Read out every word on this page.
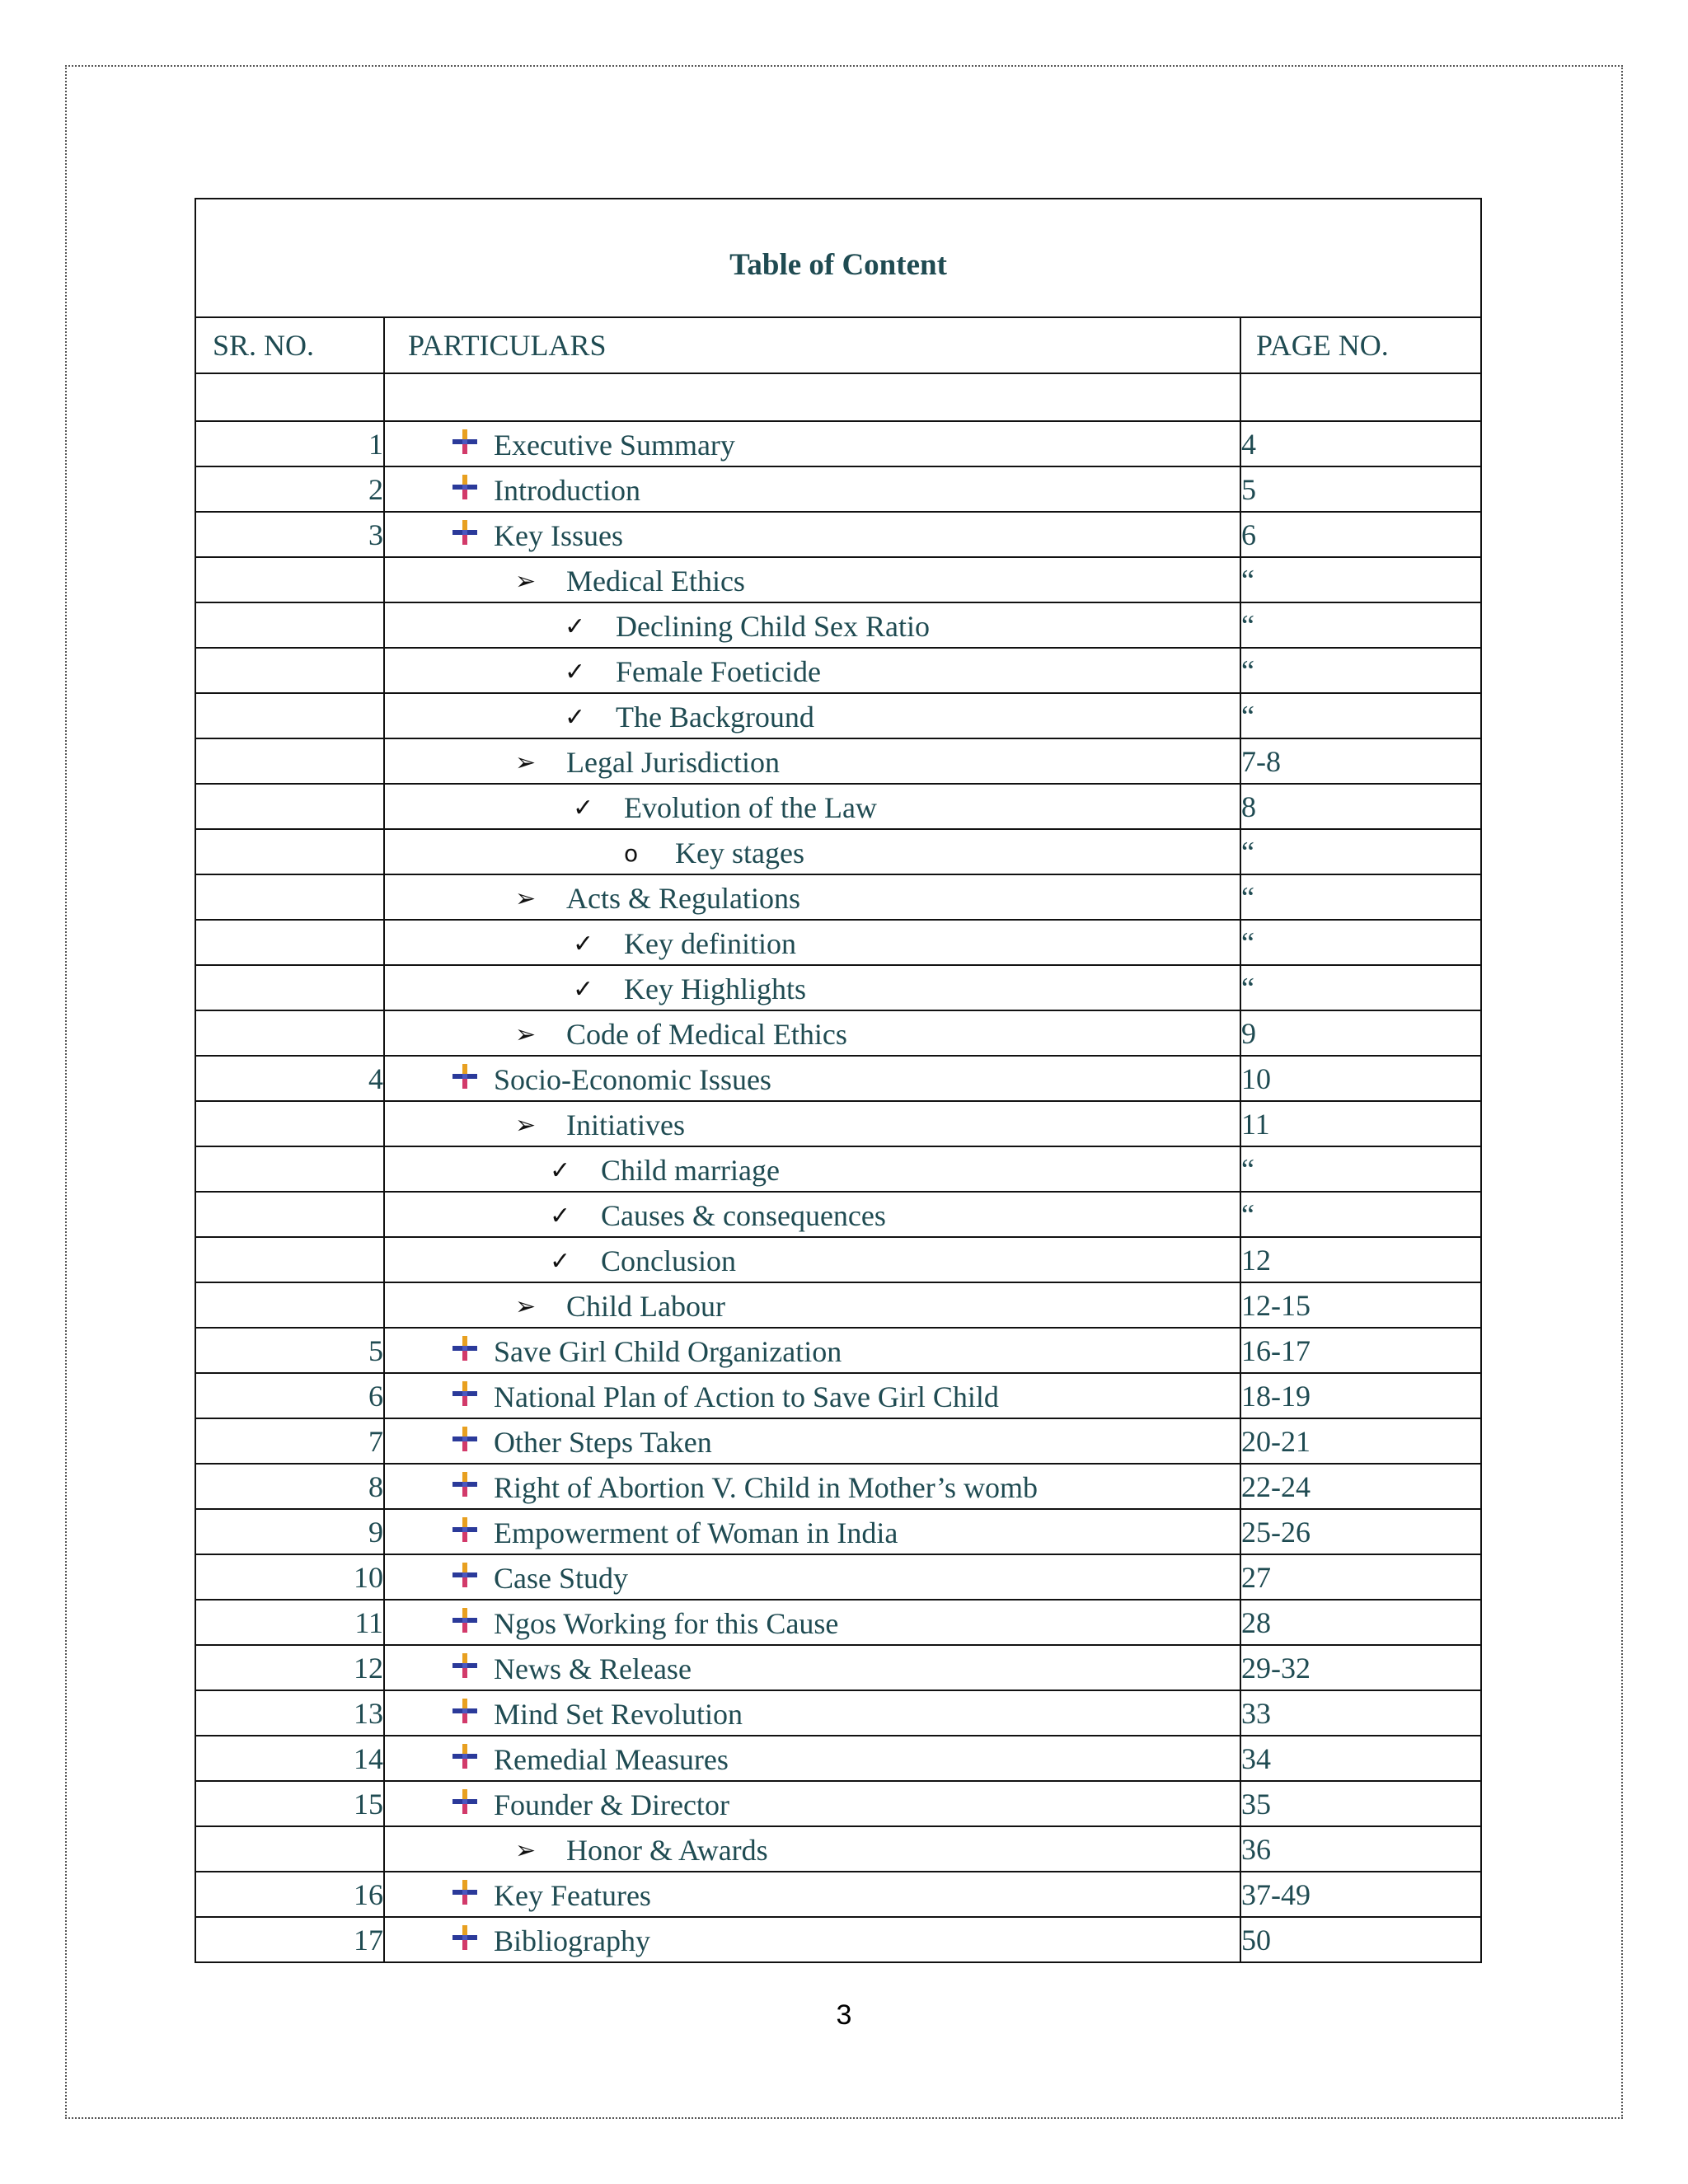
Table of Content		
SR. NO.	PARTICULARS	PAGE NO.

1	Executive Summary	4
2	Introduction	5
3	Key Issues	6
	➢ Medical Ethics	“
	✓ Declining Child Sex Ratio	“
	✓ Female Foeticide	“
	✓ The Background	“
	➢ Legal Jurisdiction	7-8
	✓ Evolution of the Law	8
	o Key stages	“
	➢ Acts & Regulations	“
	✓ Key definition	“
	✓ Key Highlights	“
	➢ Code of Medical Ethics	9
4	Socio-Economic Issues	10
	➢ Initiatives	11
	✓ Child marriage	“
	✓ Causes & consequences	“
	✓ Conclusion	12
	➢ Child Labour	12-15
5	Save Girl Child Organization	16-17
6	National Plan of Action to Save Girl Child	18-19
7	Other Steps Taken	20-21
8	Right of Abortion V. Child in Mother’s womb	22-24
9	Empowerment of Woman in India	25-26
10	Case Study	27
11	Ngos Working for this Cause	28
12	News & Release	29-32
13	Mind Set Revolution	33
14	Remedial Measures	34
15	Founder & Director	35
	➢ Honor & Awards	36
16	Key Features	37-49
17	Bibliography	50
3
